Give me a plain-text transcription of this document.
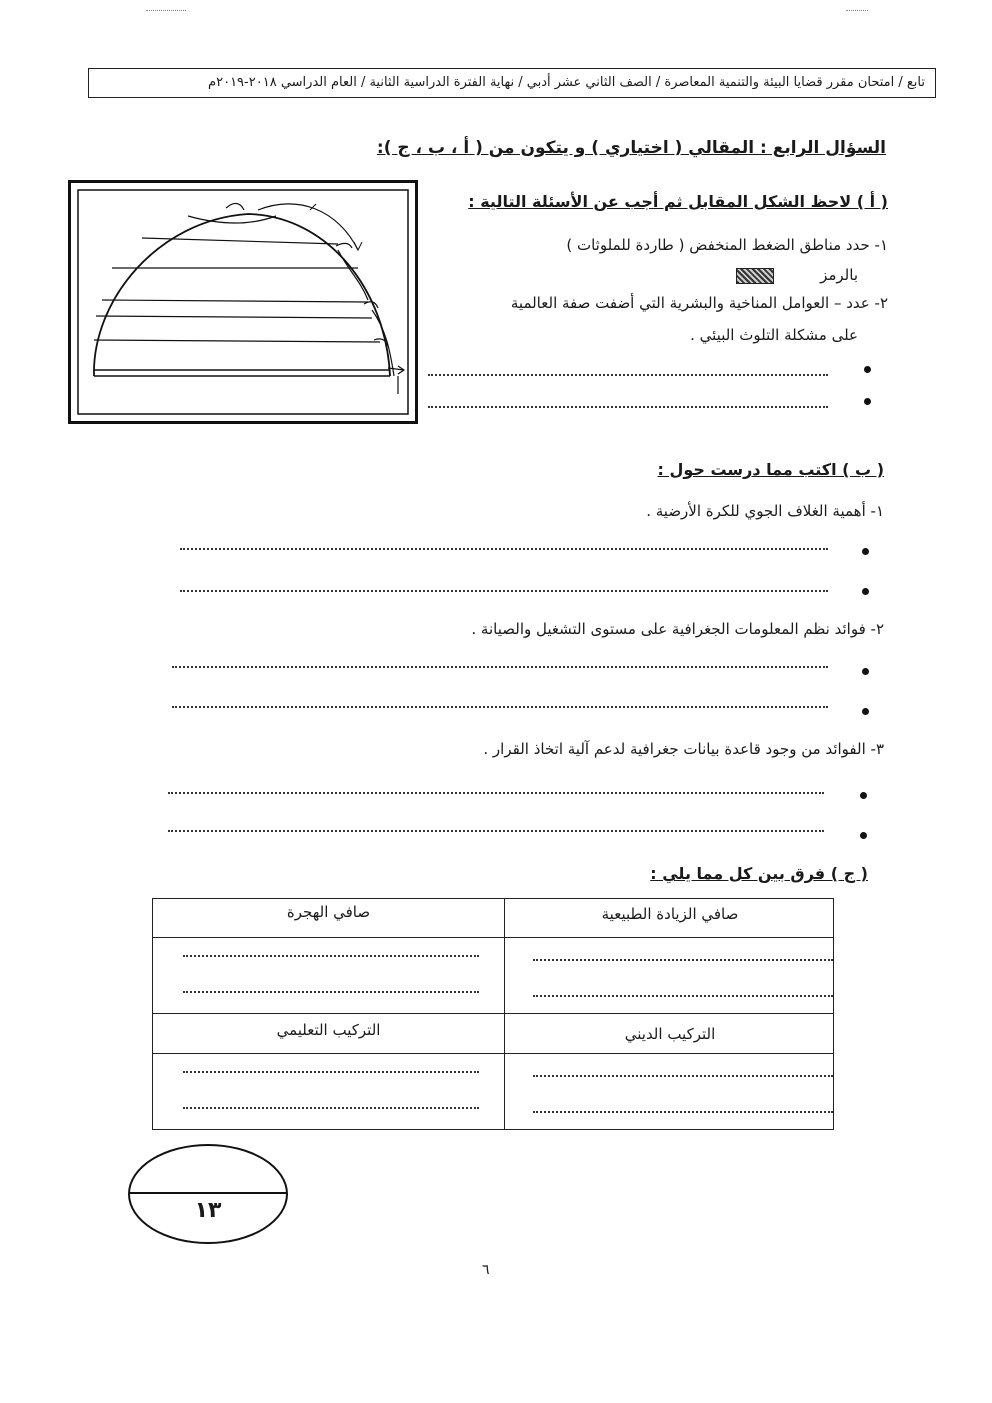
تابع / امتحان مقرر قضايا البيئة والتنمية المعاصرة / الصف الثاني عشر أدبي / نهاية الفترة الدراسية الثانية / العام الدراسي ٢٠١٨-٢٠١٩م
السؤال الرابع : المقالي ( اختياري ) و يتكون من ( أ ، ب ، ج ):
( أ ) لاحظ الشكل المقابل ثم أجب عن الأسئلة التالية :
١- حدد مناطق الضغط المنخفض ( طاردة للملوثات )
بالرمز
٢- عدد – العوامل المناخية والبشرية التي أضفت صفة العالمية
على مشكلة التلوث البيئي .
( ب ) اكتب مما درست حول :
١- أهمية الغلاف الجوي للكرة الأرضية .
٢- فوائد نظم المعلومات الجغرافية على مستوى التشغيل والصيانة .
٣- الفوائد من وجود قاعدة بيانات جغرافية لدعم آلية اتخاذ القرار .
( ج ) فرق بين كل مما يلي :
صافي الزيادة الطبيعية
صافي الهجرة
التركيب الديني
التركيب التعليمي
١٣
٦
